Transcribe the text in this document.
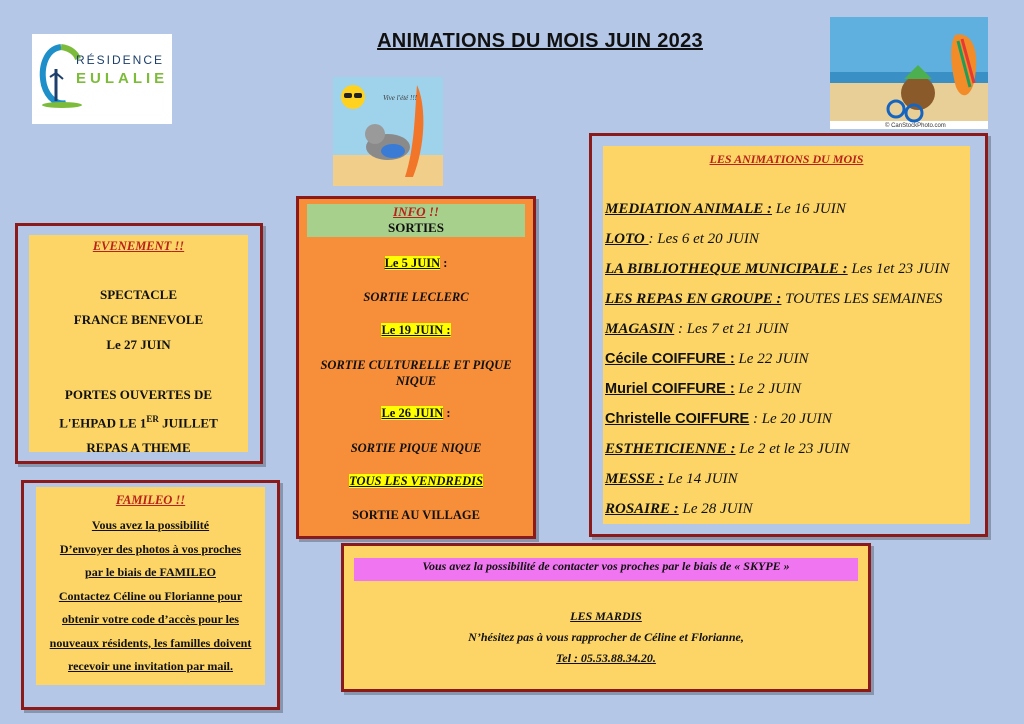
ANIMATIONS DU MOIS JUIN 2023
RÉSIDENCE
EULALIE
Vive l'été !!!
© CanStockPhoto.com
EVENEMENT !!
SPECTACLE
FRANCE BENEVOLE
Le 27 JUIN
PORTES OUVERTES DE
L'EHPAD LE 1ER JUILLET
REPAS A THEME
FAMILEO !!
Vous avez la possibilité
D’envoyer des photos à vos proches
par le biais de FAMILEO
Contactez Céline ou Florianne pour
obtenir votre code d’accès pour les
nouveaux résidents, les familles doivent
recevoir une invitation par mail.
INFO !!
SORTIES
Le 5 JUIN :
SORTIE LECLERC
Le 19 JUIN :
SORTIE CULTURELLE ET PIQUE NIQUE
Le 26 JUIN :
SORTIE PIQUE NIQUE
TOUS LES VENDREDIS
SORTIE AU VILLAGE
LES ANIMATIONS DU MOIS
MEDIATION ANIMALE : Le 16 JUIN
LOTO : Les 6 et 20 JUIN
LA BIBLIOTHEQUE MUNICIPALE : Les 1et 23 JUIN
LES REPAS EN GROUPE : TOUTES LES SEMAINES
MAGASIN : Les 7 et 21 JUIN
Cécile COIFFURE : Le 22 JUIN
Muriel COIFFURE : Le 2 JUIN
Christelle COIFFURE : Le 20 JUIN
ESTHETICIENNE : Le 2 et le 23 JUIN
MESSE : Le 14 JUIN
ROSAIRE : Le 28 JUIN
Vous avez la possibilité de contacter vos proches par le biais de « SKYPE »
LES MARDIS
N’hésitez pas à vous rapprocher de Céline et Florianne,
Tel : 05.53.88.34.20.
